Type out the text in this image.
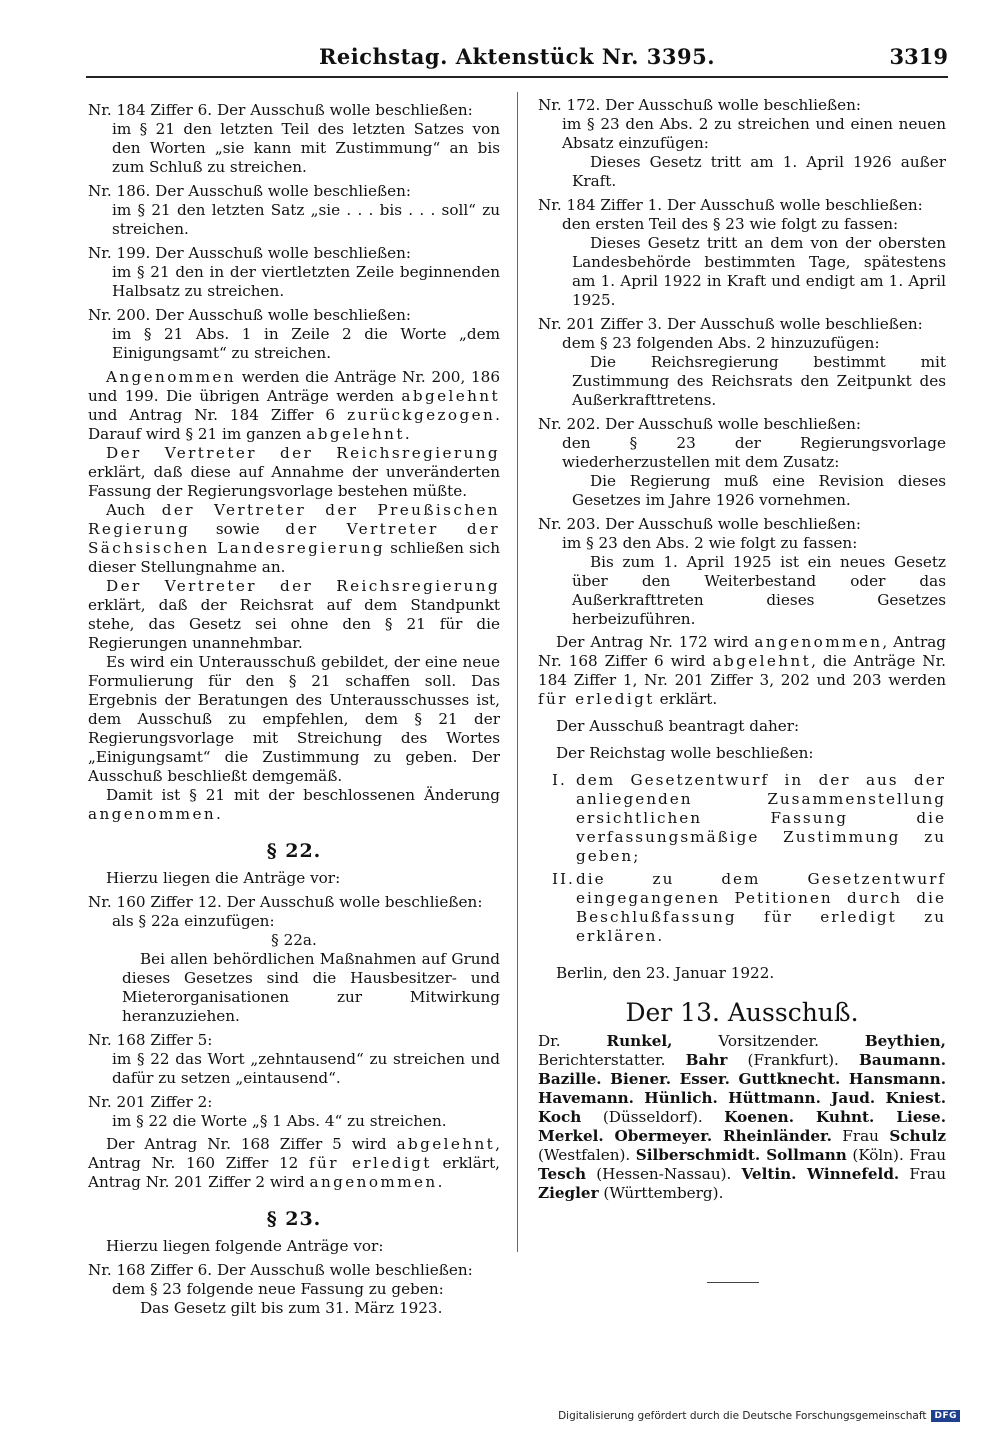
Reichstag. Aktenstück Nr. 3395.	3319

Nr. 184 Ziffer 6. Der Ausschuß wolle beschließen:

im § 21 den letzten Teil des letzten Satzes von den Worten „sie kann mit Zustimmung“ an bis zum Schluß zu streichen.

Nr. 186. Der Ausschuß wolle beschließen:

im § 21 den letzten Satz „sie . . . bis . . . soll“ zu streichen.

Nr. 199. Der Ausschuß wolle beschließen:

im § 21 den in der viertletzten Zeile beginnenden Halbsatz zu streichen.

Nr. 200. Der Ausschuß wolle beschließen:

im § 21 Abs. 1 in Zeile 2 die Worte „dem Einigungsamt“ zu streichen.

Angenommen werden die Anträge Nr. 200, 186 und 199. Die übrigen Anträge werden abgelehnt und Antrag Nr. 184 Ziffer 6 zurückgezogen. Darauf wird § 21 im ganzen abgelehnt.

Der Vertreter der Reichsregierung erklärt, daß diese auf Annahme der unveränderten Fassung der Regierungsvorlage bestehen müßte.

Auch der Vertreter der Preußischen Regierung sowie der Vertreter der Sächsischen Landesregierung schließen sich dieser Stellungnahme an.

Der Vertreter der Reichsregierung erklärt, daß der Reichsrat auf dem Standpunkt stehe, das Gesetz sei ohne den § 21 für die Regierungen unannehmbar.

Es wird ein Unterausschuß gebildet, der eine neue Formulierung für den § 21 schaffen soll. Das Ergebnis der Beratungen des Unterausschusses ist, dem Ausschuß zu empfehlen, dem § 21 der Regierungsvorlage mit Streichung des Wortes „Einigungsamt“ die Zustimmung zu geben. Der Ausschuß beschließt demgemäß.

Damit ist § 21 mit der beschlossenen Änderung angenommen.

§ 22.

Hierzu liegen die Anträge vor:

Nr. 160 Ziffer 12. Der Ausschuß wolle beschließen:

als § 22a einzufügen:

§ 22a.

Bei allen behördlichen Maßnahmen auf Grund dieses Gesetzes sind die Hausbesitzer- und Mieterorganisationen zur Mitwirkung heranzuziehen.

Nr. 168 Ziffer 5:

im § 22 das Wort „zehntausend“ zu streichen und dafür zu setzen „eintausend“.

Nr. 201 Ziffer 2:

im § 22 die Worte „§ 1 Abs. 4“ zu streichen.

Der Antrag Nr. 168 Ziffer 5 wird abgelehnt, Antrag Nr. 160 Ziffer 12 für erledigt erklärt, Antrag Nr. 201 Ziffer 2 wird angenommen.

§ 23.

Hierzu liegen folgende Anträge vor:

Nr. 168 Ziffer 6. Der Ausschuß wolle beschließen:

dem § 23 folgende neue Fassung zu geben:

Das Gesetz gilt bis zum 31. März 1923.

Nr. 172. Der Ausschuß wolle beschließen:

im § 23 den Abs. 2 zu streichen und einen neuen Absatz einzufügen:

Dieses Gesetz tritt am 1. April 1926 außer Kraft.

Nr. 184 Ziffer 1. Der Ausschuß wolle beschließen:

den ersten Teil des § 23 wie folgt zu fassen:

Dieses Gesetz tritt an dem von der obersten Landesbehörde bestimmten Tage, spätestens am 1. April 1922 in Kraft und endigt am 1. April 1925.

Nr. 201 Ziffer 3. Der Ausschuß wolle beschließen:

dem § 23 folgenden Abs. 2 hinzuzufügen:

Die Reichsregierung bestimmt mit Zustimmung des Reichsrats den Zeitpunkt des Außerkrafttretens.

Nr. 202. Der Ausschuß wolle beschließen:

den § 23 der Regierungsvorlage wiederherzustellen mit dem Zusatz:

Die Regierung muß eine Revision dieses Gesetzes im Jahre 1926 vornehmen.

Nr. 203. Der Ausschuß wolle beschließen:

im § 23 den Abs. 2 wie folgt zu fassen:

Bis zum 1. April 1925 ist ein neues Gesetz über den Weiterbestand oder das Außerkrafttreten dieses Gesetzes herbeizuführen.

Der Antrag Nr. 172 wird angenommen, Antrag Nr. 168 Ziffer 6 wird abgelehnt, die Anträge Nr. 184 Ziffer 1, Nr. 201 Ziffer 3, 202 und 203 werden für erledigt erklärt.

Der Ausschuß beantragt daher:

Der Reichstag wolle beschließen:

I. dem Gesetzentwurf in der aus der anliegenden Zusammenstellung ersichtlichen Fassung die verfassungsmäßige Zustimmung zu geben;

II.die zu dem Gesetzentwurf eingegangenen Petitionen durch die Beschlußfassung für erledigt zu erklären.

Berlin, den 23. Januar 1922.

Der 13. Ausschuß.

Dr. Runkel, Vorsitzender. Beythien, Berichterstatter. Bahr (Frankfurt). Baumann. Bazille. Biener. Esser. Guttknecht. Hansmann. Havemann. Hünlich. Hüttmann. Jaud. Kniest. Koch (Düsseldorf). Koenen. Kuhnt. Liese. Merkel. Obermeyer. Rheinländer. Frau Schulz (Westfalen). Silberschmidt. Sollmann (Köln). Frau Tesch (Hessen-Nassau). Veltin. Winnefeld. Frau Ziegler (Württemberg).

Digitalisierung gefördert durch die Deutsche Forschungsgemeinschaft DFG
